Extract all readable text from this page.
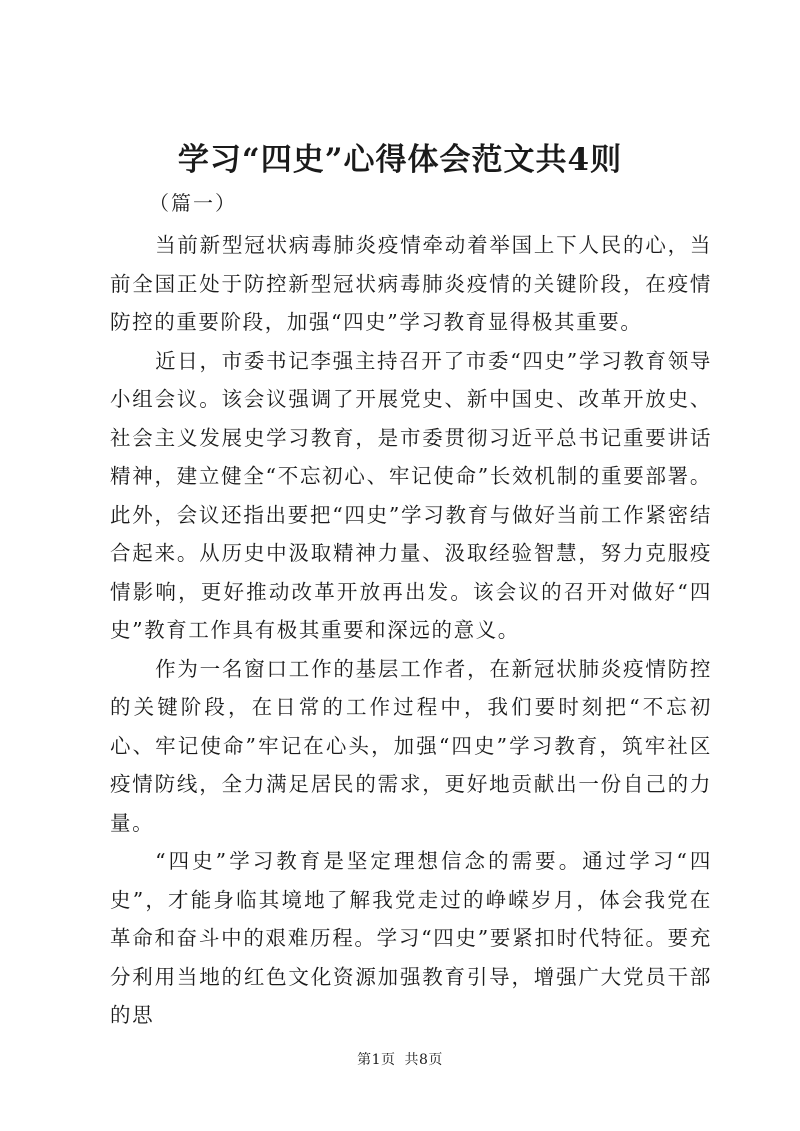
学习“四史”心得体会范文共4则

（篇一）

当前新型冠状病毒肺炎疫情牵动着举国上下人民的心，当前全国正处于防控新型冠状病毒肺炎疫情的关键阶段，在疫情防控的重要阶段，加强“四史”学习教育显得极其重要。

近日，市委书记李强主持召开了市委“四史”学习教育领导小组会议。该会议强调了开展党史、新中国史、改革开放史、社会主义发展史学习教育，是市委贯彻习近平总书记重要讲话精神，建立健全“不忘初心、牢记使命”长效机制的重要部署。此外，会议还指出要把“四史”学习教育与做好当前工作紧密结合起来。从历史中汲取精神力量、汲取经验智慧，努力克服疫情影响，更好推动改革开放再出发。该会议的召开对做好“四史”教育工作具有极其重要和深远的意义。

作为一名窗口工作的基层工作者，在新冠状肺炎疫情防控的关键阶段，在日常的工作过程中，我们要时刻把“不忘初心、牢记使命”牢记在心头，加强“四史”学习教育，筑牢社区疫情防线，全力满足居民的需求，更好地贡献出一份自己的力量。

“四史”学习教育是坚定理想信念的需要。通过学习“四史”，才能身临其境地了解我党走过的峥嵘岁月，体会我党在革命和奋斗中的艰难历程。学习“四史”要紧扣时代特征。要充分利用当地的红色文化资源加强教育引导，增强广大党员干部的思

第1页 共8页
